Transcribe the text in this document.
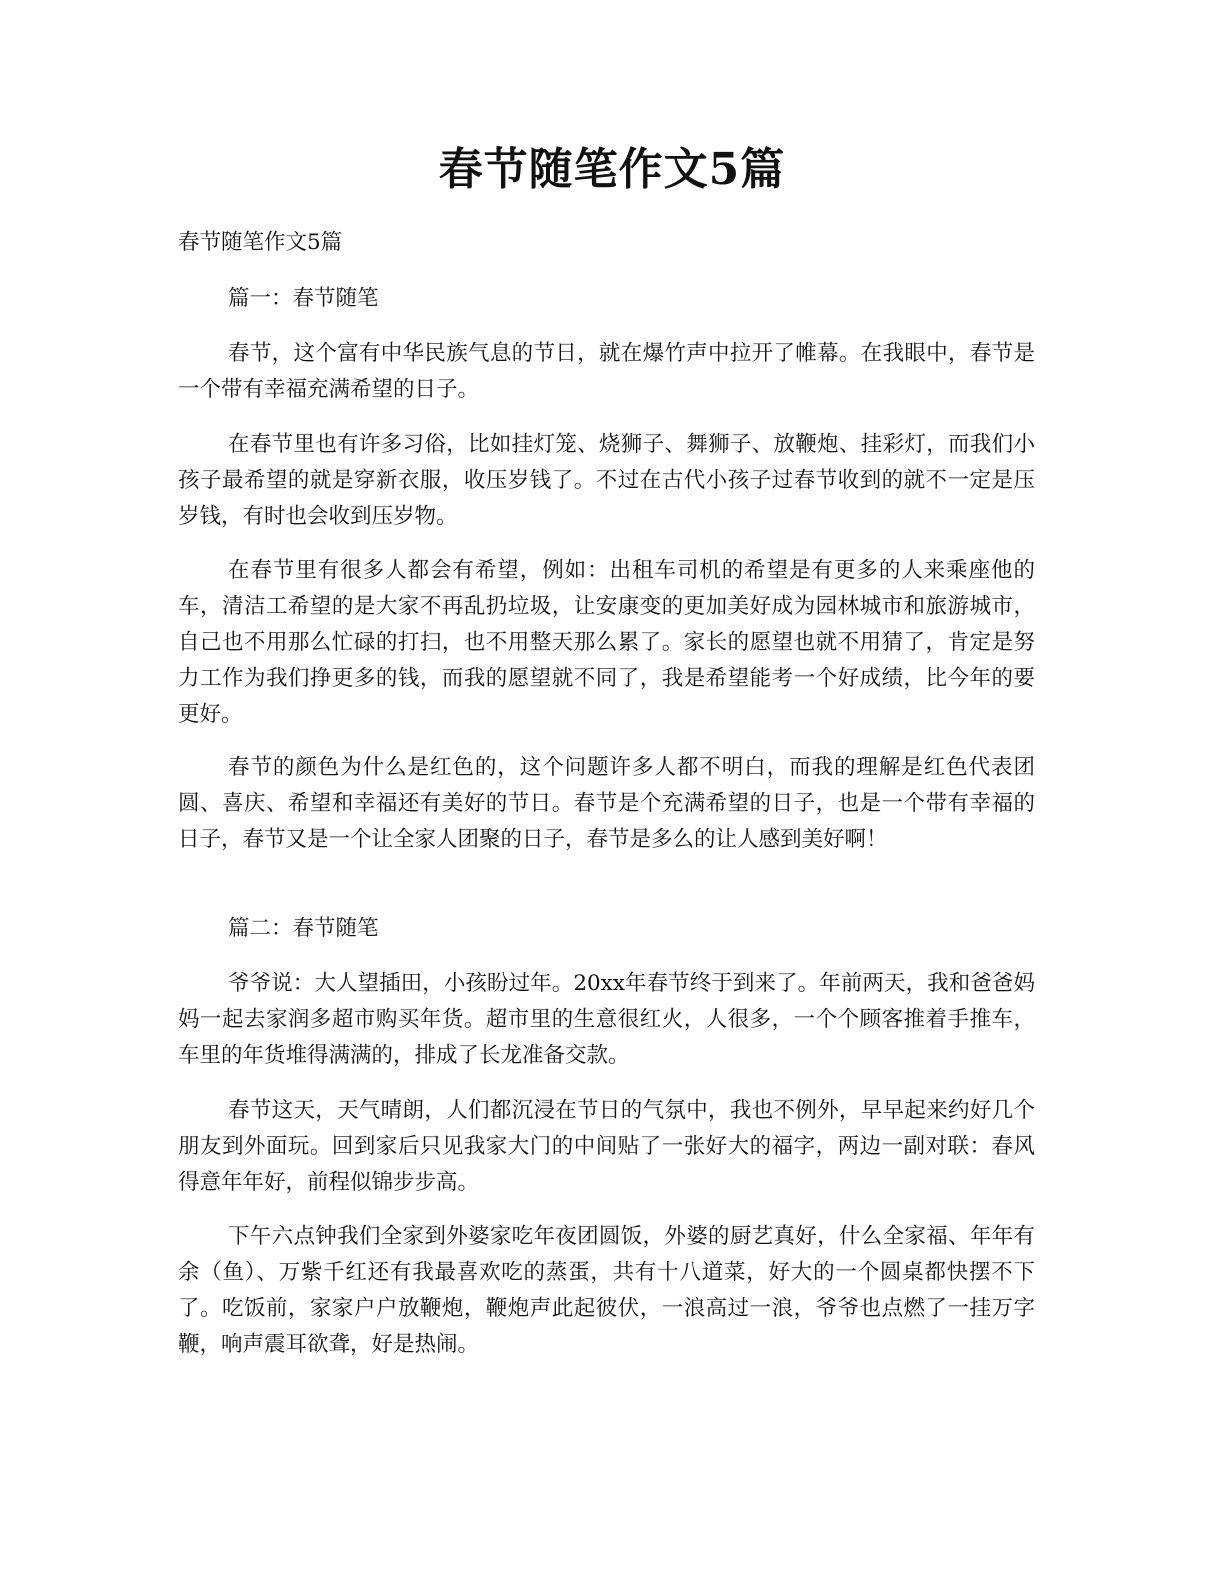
春节随笔作文5篇
春节随笔作文5篇
篇一：春节随笔

春节，这个富有中华民族气息的节日，就在爆竹声中拉开了帷幕。在我眼中，春节是一个带有幸福充满希望的日子。

在春节里也有许多习俗，比如挂灯笼、烧狮子、舞狮子、放鞭炮、挂彩灯，而我们小孩子最希望的就是穿新衣服，收压岁钱了。不过在古代小孩子过春节收到的就不一定是压岁钱，有时也会收到压岁物。

在春节里有很多人都会有希望，例如：出租车司机的希望是有更多的人来乘座他的车，清洁工希望的是大家不再乱扔垃圾，让安康变的更加美好成为园林城市和旅游城市，自己也不用那么忙碌的打扫，也不用整天那么累了。家长的愿望也就不用猜了，肯定是努力工作为我们挣更多的钱，而我的愿望就不同了，我是希望能考一个好成绩，比今年的要更好。

春节的颜色为什么是红色的，这个问题许多人都不明白，而我的理解是红色代表团圆、喜庆、希望和幸福还有美好的节日。春节是个充满希望的日子，也是一个带有幸福的日子，春节又是一个让全家人团聚的日子，春节是多么的让人感到美好啊！

篇二：春节随笔

爷爷说：大人望插田，小孩盼过年。20xx年春节终于到来了。年前两天，我和爸爸妈妈一起去家润多超市购买年货。超市里的生意很红火，人很多，一个个顾客推着手推车，车里的年货堆得满满的，排成了长龙准备交款。

春节这天，天气晴朗，人们都沉浸在节日的气氛中，我也不例外，早早起来约好几个朋友到外面玩。回到家后只见我家大门的中间贴了一张好大的福字，两边一副对联：春风得意年年好，前程似锦步步高。

下午六点钟我们全家到外婆家吃年夜团圆饭，外婆的厨艺真好，什么全家福、年年有余（鱼）、万紫千红还有我最喜欢吃的蒸蛋，共有十八道菜，好大的一个圆桌都快摆不下了。吃饭前，家家户户放鞭炮，鞭炮声此起彼伏，一浪高过一浪，爷爷也点燃了一挂万字鞭，响声震耳欲聋，好是热闹。
